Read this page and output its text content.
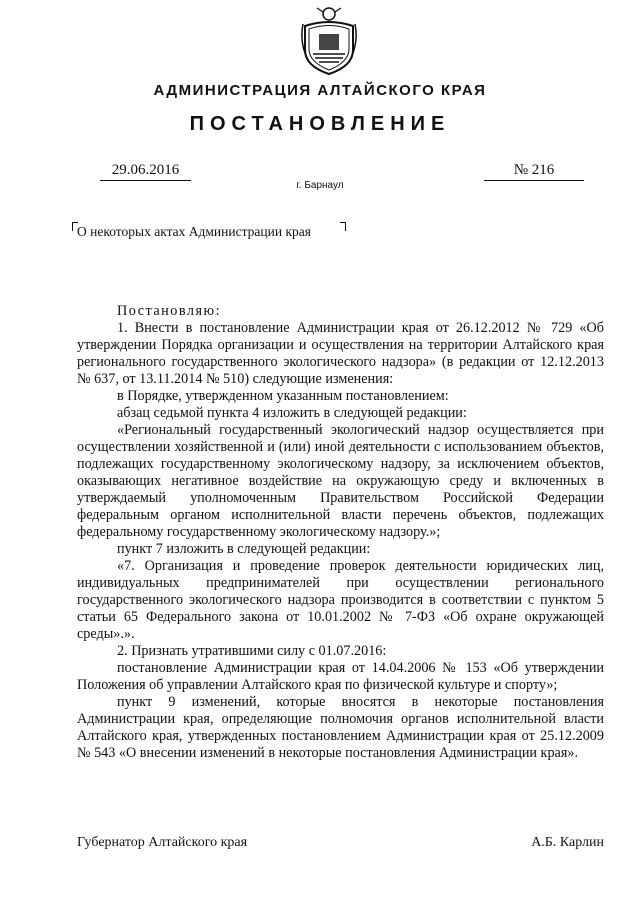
АДМИНИСТРАЦИЯ АЛТАЙСКОГО КРАЯ
ПОСТАНОВЛЕНИЕ
29.06.2016	№ 216
г. Барнаул
О некоторых актах Администрации края

Постановляю:

1. Внести в постановление Администрации края от 26.12.2012 № 729 «Об утверждении Порядка организации и осуществления на территории Алтайского края регионального государственного экологического надзора» (в редакции от 12.12.2013 № 637, от 13.11.2014 № 510) следующие изменения:

в Порядке, утвержденном указанным постановлением:

абзац седьмой пункта 4 изложить в следующей редакции:

«Региональный государственный экологический надзор осуществляется при осуществлении хозяйственной и (или) иной деятельности с использованием объектов, подлежащих государственному экологическому надзору, за исключением объектов, оказывающих негативное воздействие на окружающую среду и включенных в утверждаемый уполномоченным Правительством Российской Федерации федеральным органом исполнительной власти перечень объектов, подлежащих федеральному государственному экологическому надзору.»;

пункт 7 изложить в следующей редакции:

«7. Организация и проведение проверок деятельности юридических лиц, индивидуальных предпринимателей при осуществлении регионального государственного экологического надзора производится в соответствии с пунктом 5 статьи 65 Федерального закона от 10.01.2002 № 7-ФЗ «Об охране окружающей среды».».

2. Признать утратившими силу с 01.07.2016:

постановление Администрации края от 14.04.2006 № 153 «Об утверждении Положения об управлении Алтайского края по физической культуре и спорту»;

пункт 9 изменений, которые вносятся в некоторые постановления Администрации края, определяющие полномочия органов исполнительной власти Алтайского края, утвержденных постановлением Администрации края от 25.12.2009 № 543 «О внесении изменений в некоторые постановления Администрации края».

Губернатор Алтайского края	А.Б. Карлин
